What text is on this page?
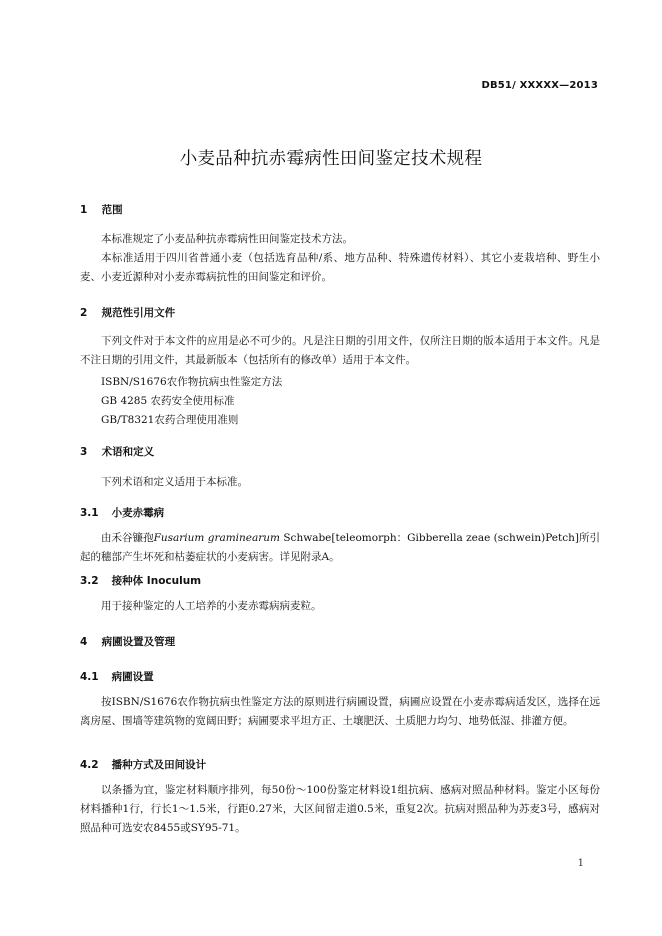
DB51/ XXXXX—2013
小麦品种抗赤霉病性田间鉴定技术规程
1 范围

本标准规定了小麦品种抗赤霉病性田间鉴定技术方法。

本标准适用于四川省普通小麦（包括选育品种/系、地方品种、特殊遗传材料）、其它小麦栽培种、野生小麦、小麦近源种对小麦赤霉病抗性的田间鉴定和评价。

2 规范性引用文件

下列文件对于本文件的应用是必不可少的。凡是注日期的引用文件，仅所注日期的版本适用于本文件。凡是不注日期的引用文件，其最新版本（包括所有的修改单）适用于本文件。

ISBN/S1676农作物抗病虫性鉴定方法
GB 4285 农药安全使用标准
GB/T8321农药合理使用准则
3 术语和定义

下列术语和定义适用于本标准。

3.1 小麦赤霉病

由禾谷镰孢Fusarium graminearum Schwabe[teleomorph：Gibberella zeae (schwein)Petch]所引起的穗部产生坏死和枯萎症状的小麦病害。详见附录A。

3.2 接种体 Inoculum

用于接种鉴定的人工培养的小麦赤霉病病麦粒。

4 病圃设置及管理
4.1 病圃设置

按ISBN/S1676农作物抗病虫性鉴定方法的原则进行病圃设置，病圃应设置在小麦赤霉病适发区，选择在远离房屋、围墙等建筑物的宽阔田野；病圃要求平坦方正、土壤肥沃、土质肥力均匀、地势低湿、排灌方便。

4.2 播种方式及田间设计

以条播为宜，鉴定材料顺序排列，每50份～100份鉴定材料设1组抗病、感病对照品种材料。鉴定小区每份材料播种1行，行长1～1.5米，行距0.27米，大区间留走道0.5米，重复2次。抗病对照品种为苏麦3号，感病对照品种可选安农8455或SY95-71。

1
